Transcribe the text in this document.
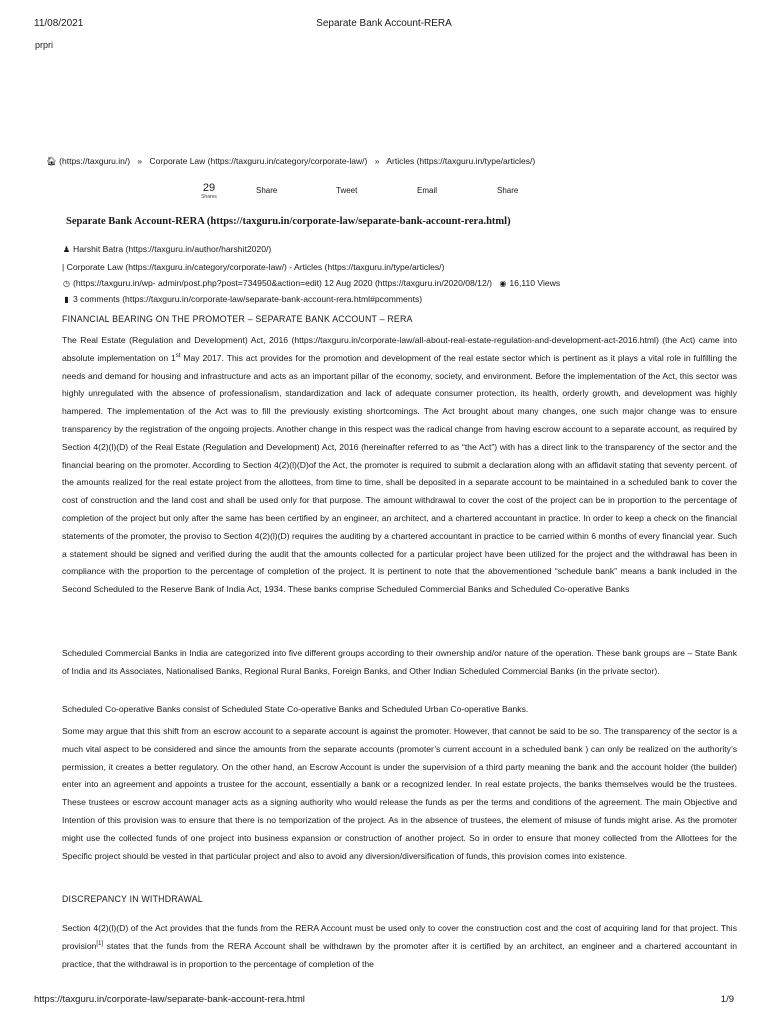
11/08/2021	Separate Bank Account-RERA
prpri
🏠︎ (https://taxguru.in/) » Corporate Law (https://taxguru.in/category/corporate-law/) » Articles (https://taxguru.in/type/articles/)
29
Shares
Share	Tweet	Email	Share
Separate Bank Account-RERA (https://taxguru.in/corporate-law/separate-bank-account-rera.html)
♟ Harshit Batra (https://taxguru.in/author/harshit2020/)
| Corporate Law (https://taxguru.in/category/corporate-law/) - Articles (https://taxguru.in/type/articles/)
◷ (https://taxguru.in/wp- admin/post.php?post=734950&action=edit) 12 Aug 2020 (https://taxguru.in/2020/08/12/) ◉ 16,110 Views
▮ 3 comments (https://taxguru.in/corporate-law/separate-bank-account-rera.html#pcomments)
FINANCIAL BEARING ON THE PROMOTER – SEPARATE BANK ACCOUNT – RERA

The Real Estate (Regulation and Development) Act, 2016 (https://taxguru.in/corporate-law/all-about-real-estate-regulation-and-development-act-2016.html) (the Act) came into absolute implementation on 1st May 2017. This act provides for the promotion and development of the real estate sector which is pertinent as it plays a vital role in fulfilling the needs and demand for housing and infrastructure and acts as an important pillar of the economy, society, and environment. Before the implementation of the Act, this sector was highly unregulated with the absence of professionalism, standardization and lack of adequate consumer protection, its health, orderly growth, and development was highly hampered. The implementation of the Act was to fill the previously existing shortcomings. The Act brought about many changes, one such major change was to ensure transparency by the registration of the ongoing projects. Another change in this respect was the radical change from having escrow account to a separate account, as required by Section 4(2)(l)(D) of the Real Estate (Regulation and Development) Act, 2016 (hereinafter referred to as “the Act”) with has a direct link to the transparency of the sector and the financial bearing on the promoter. According to Section 4(2)(l)(D)of the Act, the promoter is required to submit a declaration along with an affidavit stating that seventy percent. of the amounts realized for the real estate project from the allottees, from time to time, shall be deposited in a separate account to be maintained in a scheduled bank to cover the cost of construction and the land cost and shall be used only for that purpose. The amount withdrawal to cover the cost of the project can be in proportion to the percentage of completion of the project but only after the same has been certified by an engineer, an architect, and a chartered accountant in practice. In order to keep a check on the financial statements of the promoter, the proviso to Section 4(2)(l)(D) requires the auditing by a chartered accountant in practice to be carried within 6 months of every financial year. Such a statement should be signed and verified during the audit that the amounts collected for a particular project have been utilized for the project and the withdrawal has been in compliance with the proportion to the percentage of completion of the project. It is pertinent to note that the abovementioned “schedule bank” means a bank included in the Second Scheduled to the Reserve Bank of India Act, 1934. These banks comprise Scheduled Commercial Banks and Scheduled Co-operative Banks

Scheduled Commercial Banks in India are categorized into five different groups according to their ownership and/or nature of the operation. These bank groups are – State Bank of India and its Associates, Nationalised Banks, Regional Rural Banks, Foreign Banks, and Other Indian Scheduled Commercial Banks (in the private sector).

Scheduled Co-operative Banks consist of Scheduled State Co-operative Banks and Scheduled Urban Co-operative Banks.

Some may argue that this shift from an escrow account to a separate account is against the promoter. However, that cannot be said to be so. The transparency of the sector is a much vital aspect to be considered and since the amounts from the separate accounts (promoter’s current account in a scheduled bank ) can only be realized on the authority’s permission, it creates a better regulatory. On the other hand, an Escrow Account is under the supervision of a third party meaning the bank and the account holder (the builder) enter into an agreement and appoints a trustee for the account, essentially a bank or a recognized lender. In real estate projects, the banks themselves would be the trustees. These trustees or escrow account manager acts as a signing authority who would release the funds as per the terms and conditions of the agreement. The main Objective and Intention of this provision was to ensure that there is no temporization of the project. As in the absence of trustees, the element of misuse of funds might arise. As the promoter might use the collected funds of one project into business expansion or construction of another project. So in order to ensure that money collected from the Allottees for the Specific project should be vested in that particular project and also to avoid any diversion/diversification of funds, this provision comes into existence.

DISCREPANCY IN WITHDRAWAL

Section 4(2)(l)(D) of the Act provides that the funds from the RERA Account must be used only to cover the construction cost and the cost of acquiring land for that project. This provision[1] states that the funds from the RERA Account shall be withdrawn by the promoter after it is certified by an architect, an engineer and a chartered accountant in practice, that the withdrawal is in proportion to the percentage of completion of the

https://taxguru.in/corporate-law/separate-bank-account-rera.html	1/9
